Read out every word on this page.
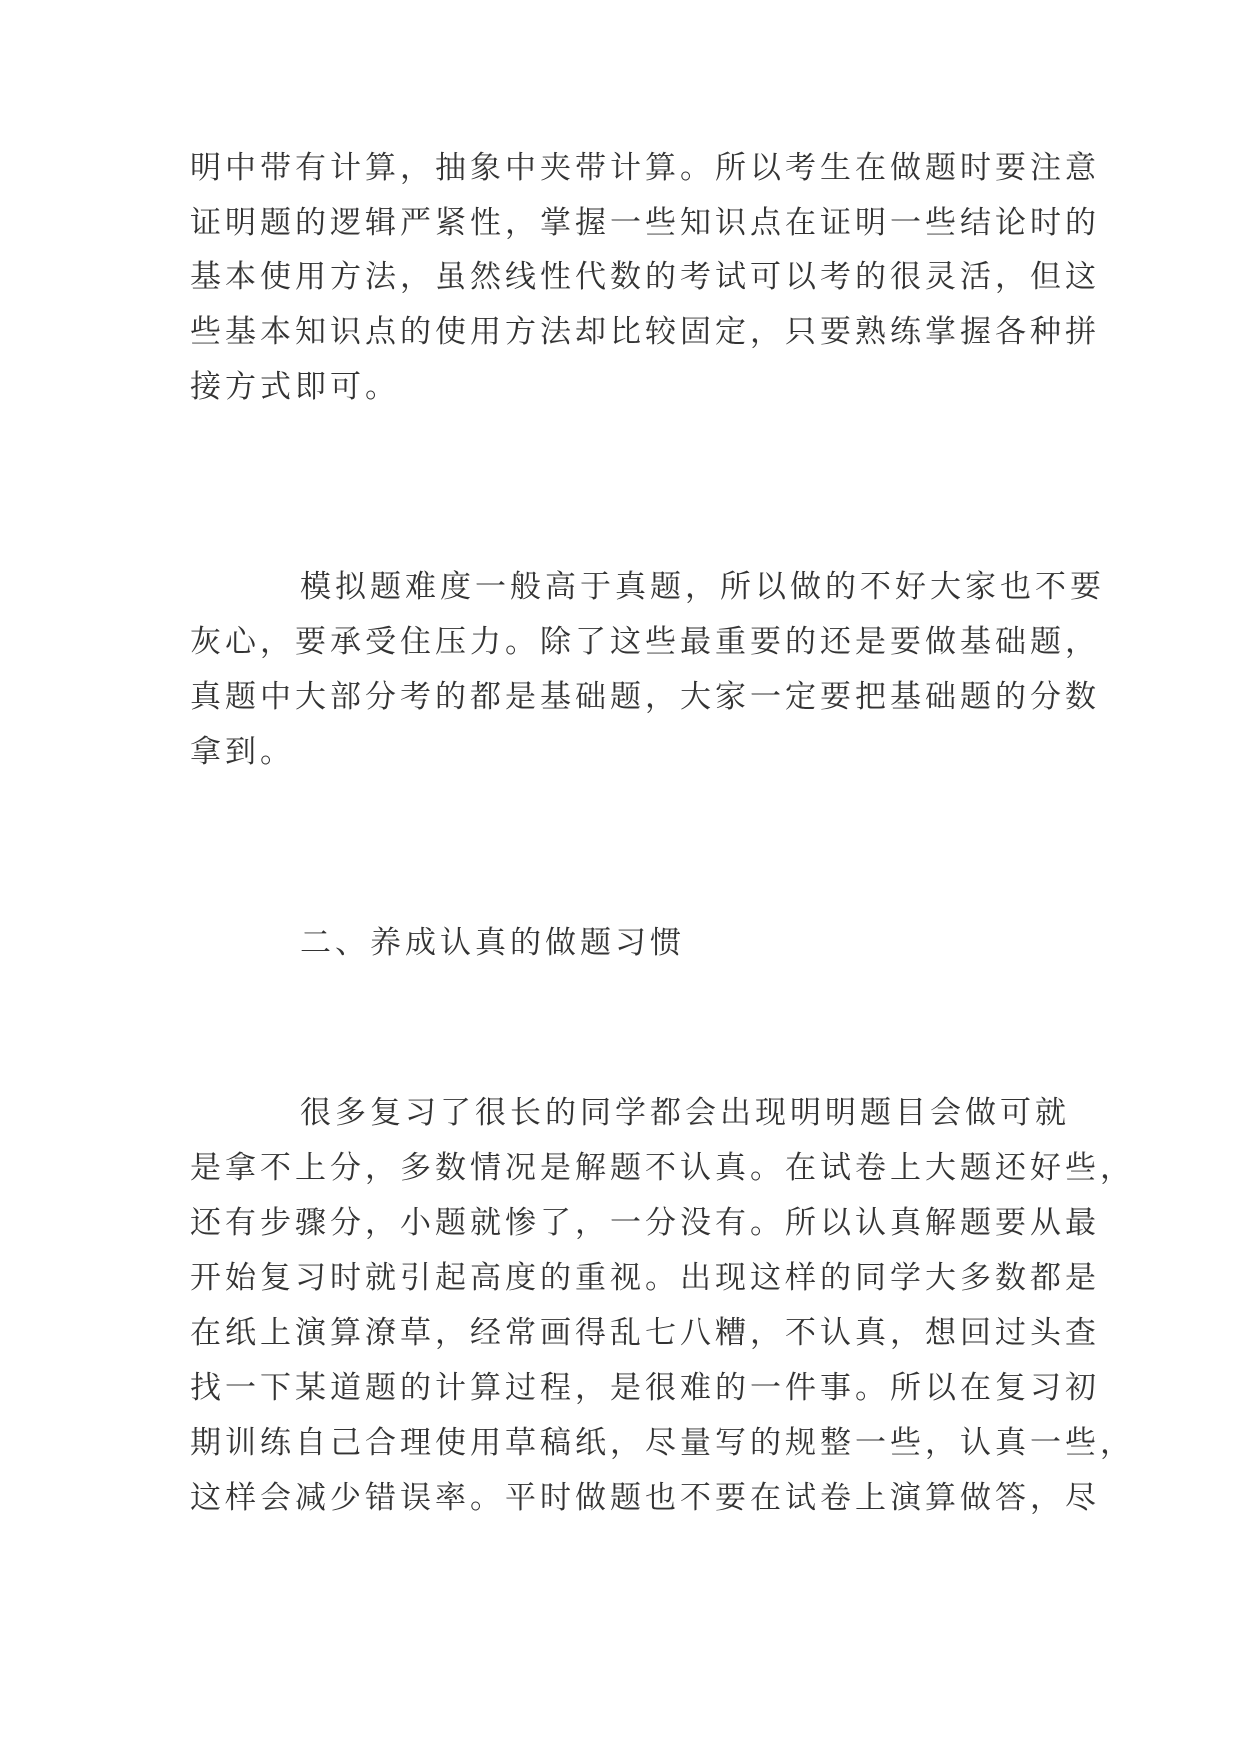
明中带有计算，抽象中夹带计算。所以考生在做题时要注意
证明题的逻辑严紧性，掌握一些知识点在证明一些结论时的
基本使用方法，虽然线性代数的考试可以考的很灵活，但这
些基本知识点的使用方法却比较固定，只要熟练掌握各种拼
接方式即可。
模拟题难度一般高于真题，所以做的不好大家也不要
灰心，要承受住压力。除了这些最重要的还是要做基础题，
真题中大部分考的都是基础题，大家一定要把基础题的分数
拿到。
二、养成认真的做题习惯
很多复习了很长的同学都会出现明明题目会做可就
是拿不上分，多数情况是解题不认真。在试卷上大题还好些，
还有步骤分，小题就惨了，一分没有。所以认真解题要从最
开始复习时就引起高度的重视。出现这样的同学大多数都是
在纸上演算潦草，经常画得乱七八糟，不认真，想回过头查
找一下某道题的计算过程，是很难的一件事。所以在复习初
期训练自己合理使用草稿纸，尽量写的规整一些，认真一些，
这样会减少错误率。平时做题也不要在试卷上演算做答，尽
